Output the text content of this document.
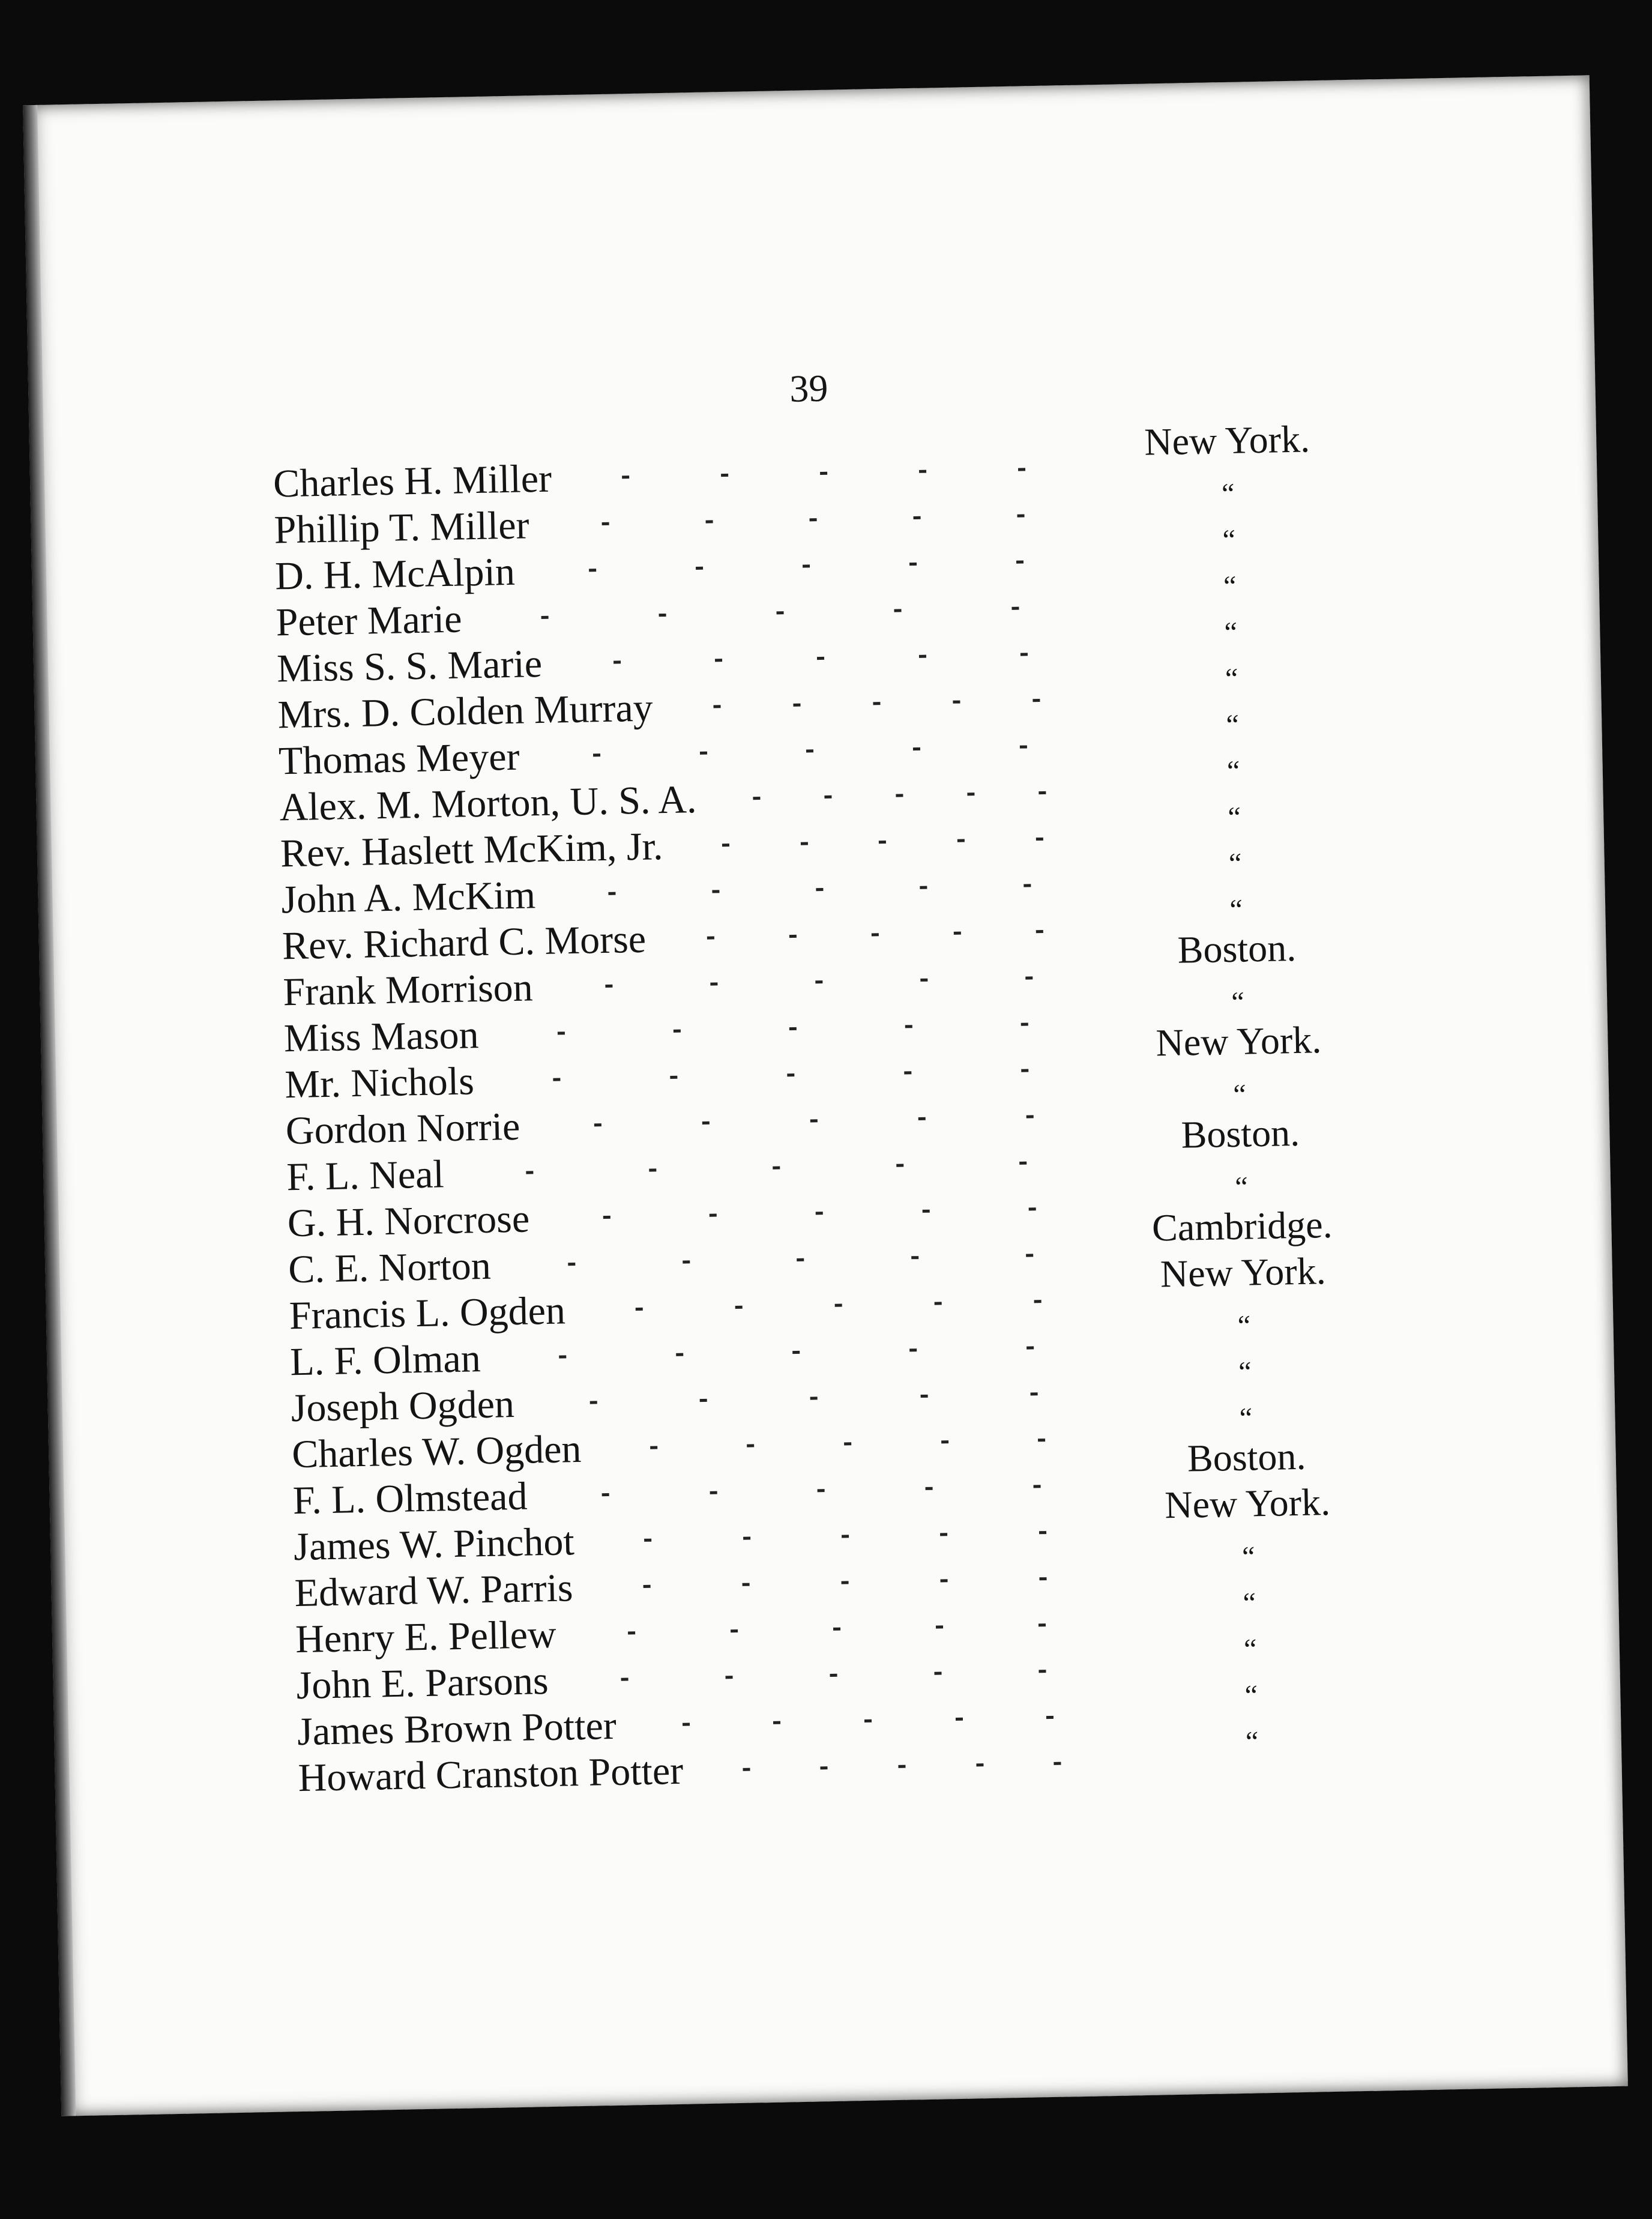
39
Charles H. Miller
New York.
Phillip T. Miller
“
D. H. McAlpin
“
Peter Marie
“
Miss S. S. Marie
“
Mrs. D. Colden Murray
“
Thomas Meyer
“
Alex. M. Morton, U. S. A.
“
Rev. Haslett McKim, Jr.
“
John A. McKim
“
Rev. Richard C. Morse
“
Frank Morrison
Boston.
Miss Mason
“
Mr. Nichols
New York.
Gordon Norrie
“
F. L. Neal
Boston.
G. H. Norcrose
“
C. E. Norton
Cambridge.
Francis L. Ogden
New York.
L. F. Olman
“
Joseph Ogden
“
Charles W. Ogden
“
F. L. Olmstead
Boston.
James W. Pinchot
New York.
Edward W. Parris
“
Henry E. Pellew
“
John E. Parsons
“
James Brown Potter
“
Howard Cranston Potter
“
